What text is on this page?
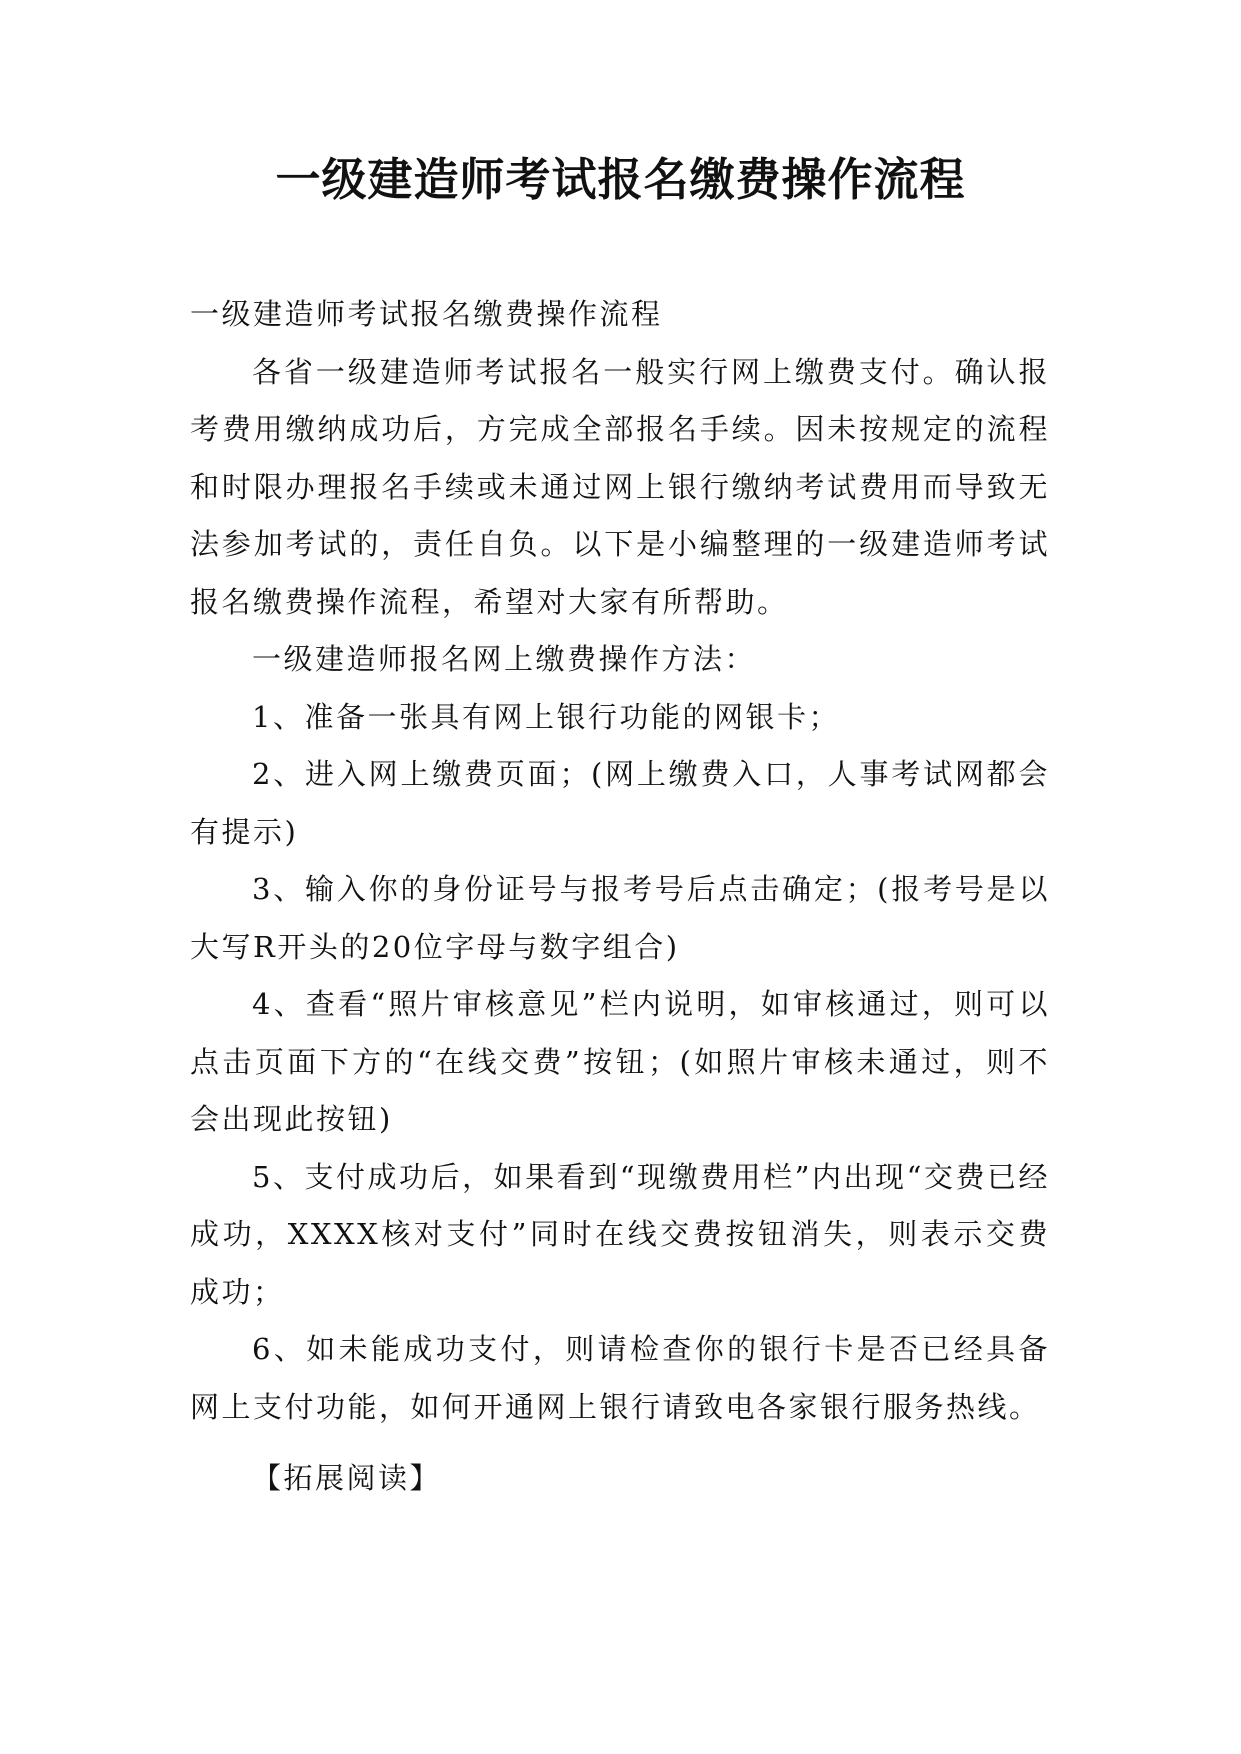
一级建造师考试报名缴费操作流程

一级建造师考试报名缴费操作流程

各省一级建造师考试报名一般实行网上缴费支付。确认报考费用缴纳成功后，方完成全部报名手续。因未按规定的流程和时限办理报名手续或未通过网上银行缴纳考试费用而导致无法参加考试的，责任自负。以下是小编整理的一级建造师考试报名缴费操作流程，希望对大家有所帮助。

一级建造师报名网上缴费操作方法：

1、准备一张具有网上银行功能的网银卡；

2、进入网上缴费页面；(网上缴费入口，人事考试网都会有提示)

3、输入你的身份证号与报考号后点击确定；(报考号是以大写R开头的20位字母与数字组合)

4、查看“照片审核意见”栏内说明，如审核通过，则可以点击页面下方的“在线交费”按钮；(如照片审核未通过，则不会出现此按钮)

5、支付成功后，如果看到“现缴费用栏”内出现“交费已经成功，XXXX核对支付”同时在线交费按钮消失，则表示交费成功；

6、如未能成功支付，则请检查你的银行卡是否已经具备网上支付功能，如何开通网上银行请致电各家银行服务热线。

【拓展阅读】
